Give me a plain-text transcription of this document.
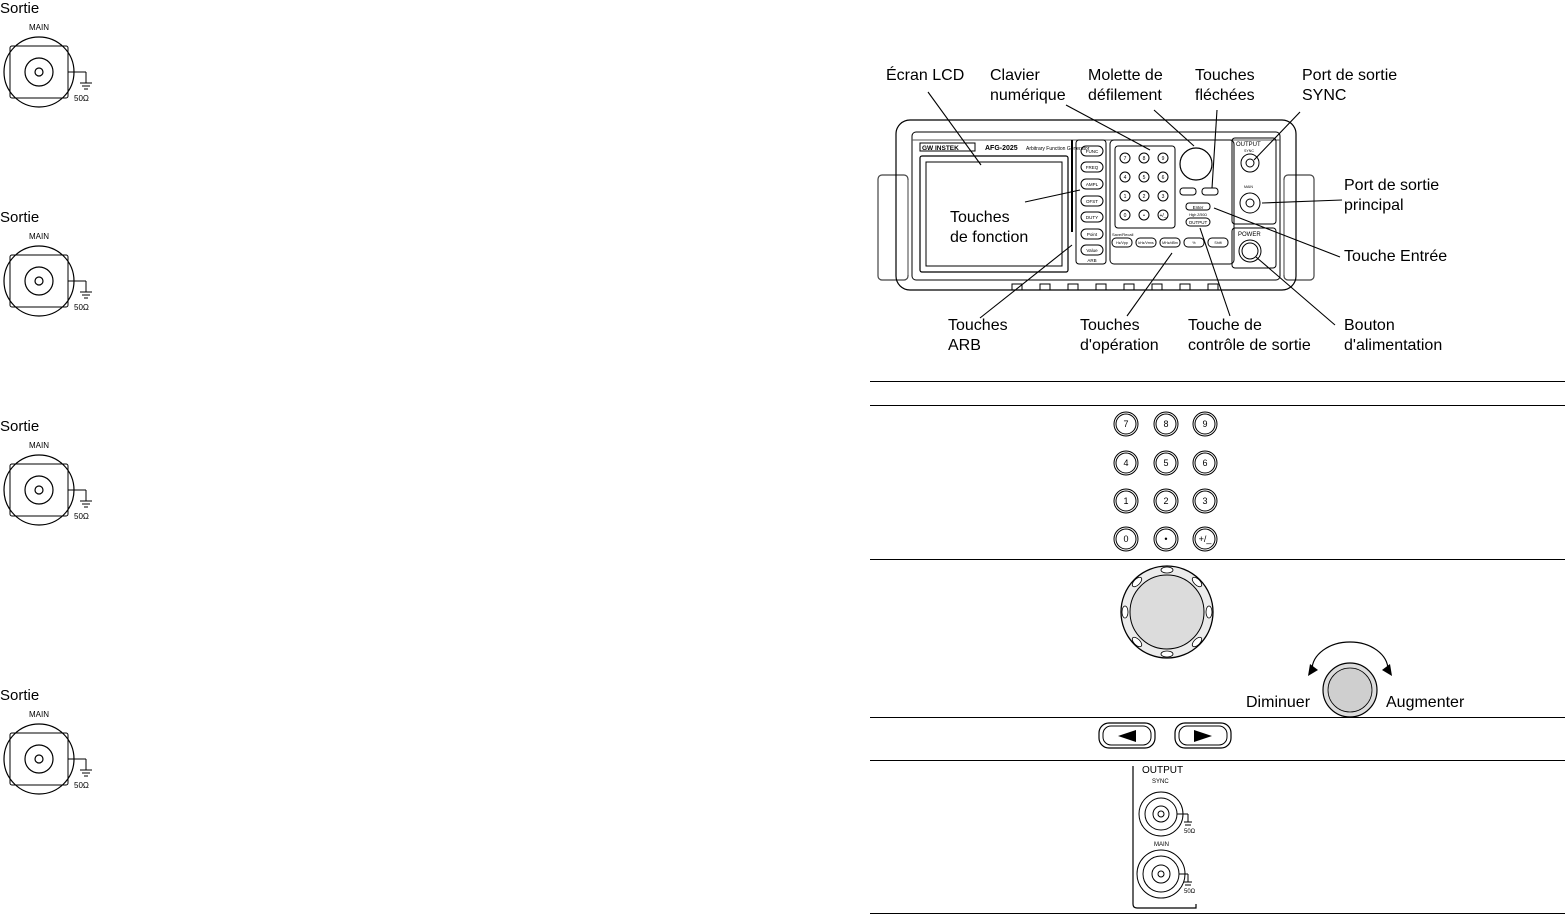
Sortie
MAIN
50Ω
Sortie
MAIN
50Ω
Sortie
MAIN
50Ω
Sortie
MAIN
50Ω
GW INSTEK	AFG-2025 Arbitrary Function Generator
FUNC
FREQ
AMPL
OFST
DUTY
Point
Value
ARB
7	8	9
4	5	6
1	2	3
0	•	+/_
Enter
High Z/50Ω
OUTPUT
Save/Recall
Hz/Vpp	kHz/Vrms MHz/dBm	%	Shift
OUTPUT
SYNC
MAIN
POWER
Écran LCD Clavier
numérique
Molette de
défilement
Touches
fléchées
Port de sortie
SYNC
Port de sortie
principal
Touches
de fonction
Touche Entrée
Touches
ARB
Touches
d'opération
Touche de
contrôle de sortie
Bouton
d'alimentation
7	8	9
4	5	6
1	2	3
0	•	+/_
Diminuer	Augmenter
OUTPUT
SYNC
50Ω
MAIN
50Ω
